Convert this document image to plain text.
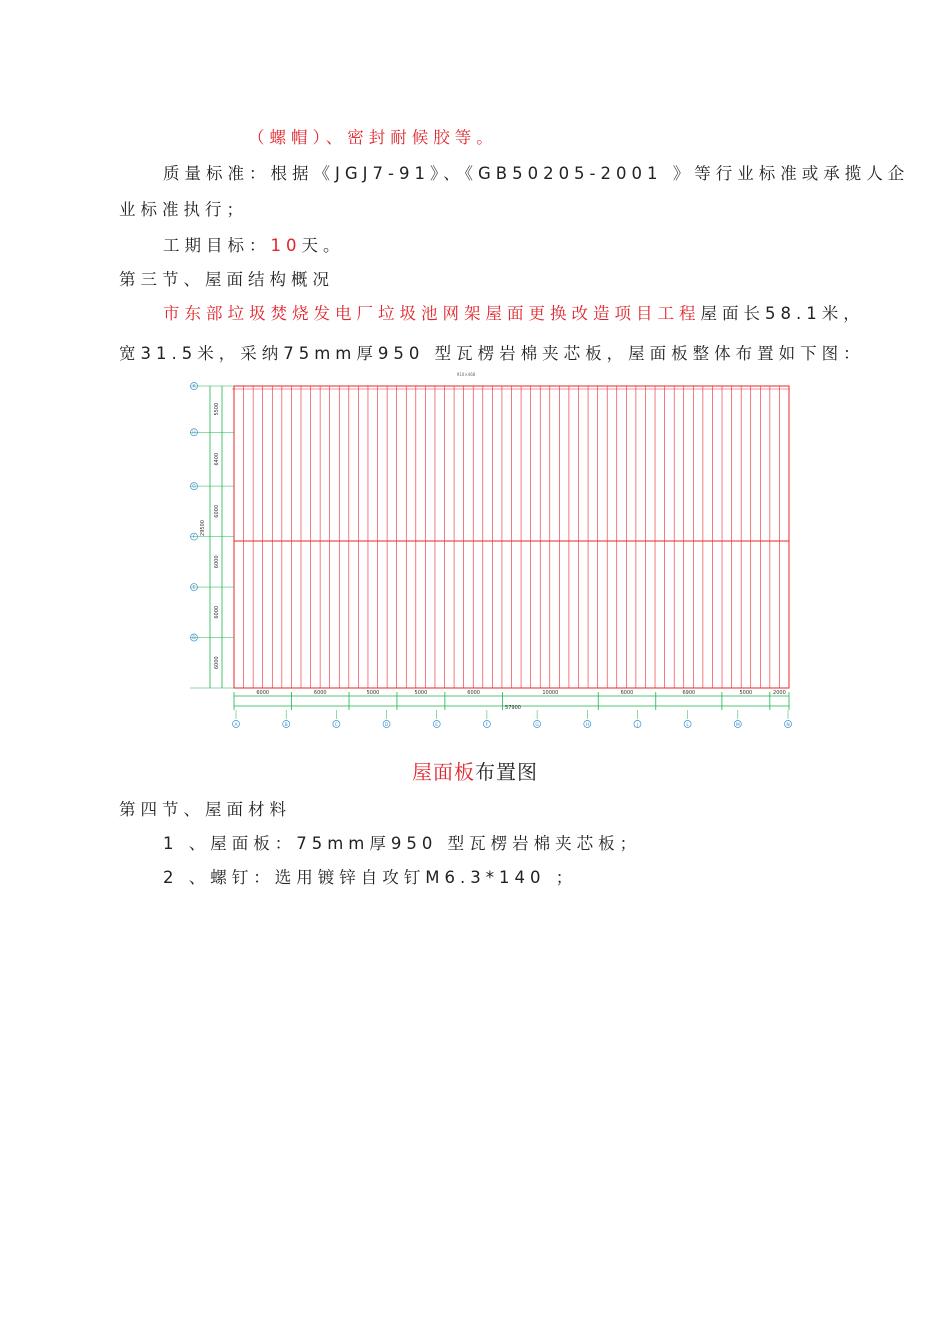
（螺帽）、密封耐候胶等。
质量标准：根据《JGJ7-91》、《GB50205-2001 》等行业标准或承揽人企
业标准执行；
工期目标：10天。
第三节、屋面结构概况
市东部垃圾焚烧发电厂垃圾池网架屋面更换改造项目工程屋面长58.1米，
宽31.5米，采纳75mm厚950 型瓦楞岩棉夹芯板，屋面板整体布置如下图：
910×468
6000	6000	5000	5000	6000	10000	6000	6900	5000	2000
57900
A	B	C	D	E	F	G	H	J	L	M	N
5500
6400
6000
6000
6000
6000
29500
K
H
G
F
E
D
屋面板布置图
第四节、屋面材料
1 、屋面板：75mm厚950 型瓦楞岩棉夹芯板；
2 、螺钉：选用镀锌自攻钉M6.3*140 ；
